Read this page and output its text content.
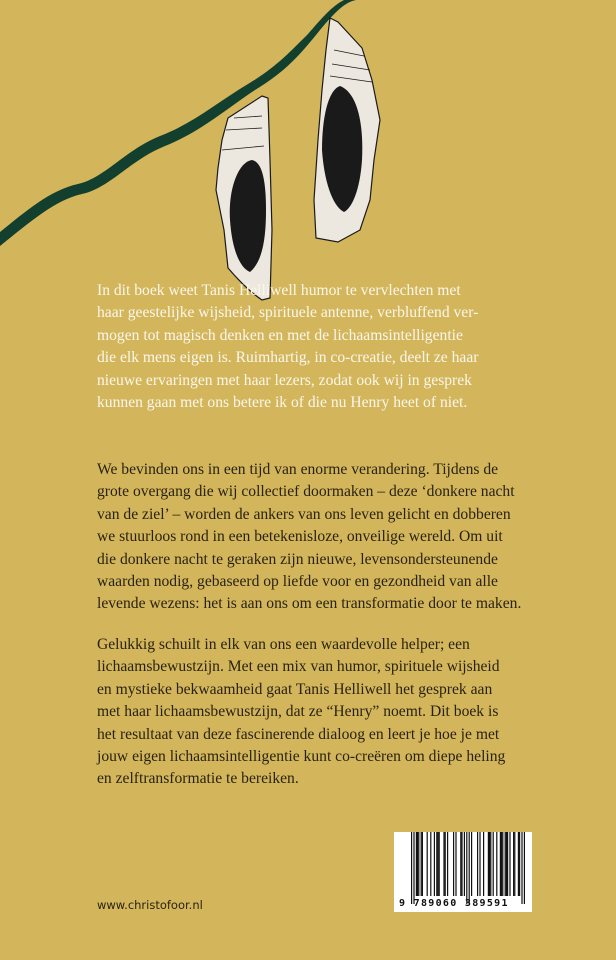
In dit boek weet Tanis Helliwell humor te vervlechten met
haar geestelijke wijsheid, spirituele antenne, verbluffend ver-
mogen tot magisch denken en met de lichaamsintelligentie
die elk mens eigen is. Ruimhartig, in co-creatie, deelt ze haar
nieuwe ervaringen met haar lezers, zodat ook wij in gesprek
kunnen gaan met ons betere ik of die nu Henry heet of niet.
We bevinden ons in een tijd van enorme verandering. Tijdens de
grote overgang die wij collectief doormaken – deze ‘donkere nacht
van de ziel’ – worden de ankers van ons leven gelicht en dobberen
we stuurloos rond in een betekenisloze, onveilige wereld. Om uit
die donkere nacht te geraken zijn nieuwe, levensondersteunende
waarden nodig, gebaseerd op liefde voor en gezondheid van alle
levende wezens: het is aan ons om een transformatie door te maken.
Gelukkig schuilt in elk van ons een waardevolle helper; een
lichaamsbewustzijn. Met een mix van humor, spirituele wijsheid
en mystieke bekwaamheid gaat Tanis Helliwell het gesprek aan
met haar lichaamsbewustzijn, dat ze “Henry” noemt. Dit boek is
het resultaat van deze fascinerende dialoog en leert je hoe je met
jouw eigen lichaamsintelligentie kunt co-creëren om diepe heling
en zelftransformatie te bereiken.
www.christofoor.nl	9 789060 389591
